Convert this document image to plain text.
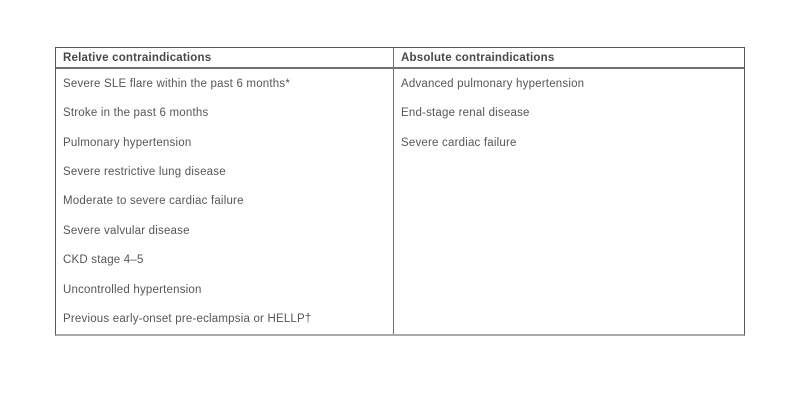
Relative contraindications	Absolute contraindications
Severe SLE flare within the past 6 months*
Stroke in the past 6 months
Pulmonary hypertension
Severe restrictive lung disease
Moderate to severe cardiac failure
Severe valvular disease
CKD stage 4–5
Uncontrolled hypertension
Previous early-onset pre-eclampsia or HELLP†
Advanced pulmonary hypertension
End-stage renal disease
Severe cardiac failure
